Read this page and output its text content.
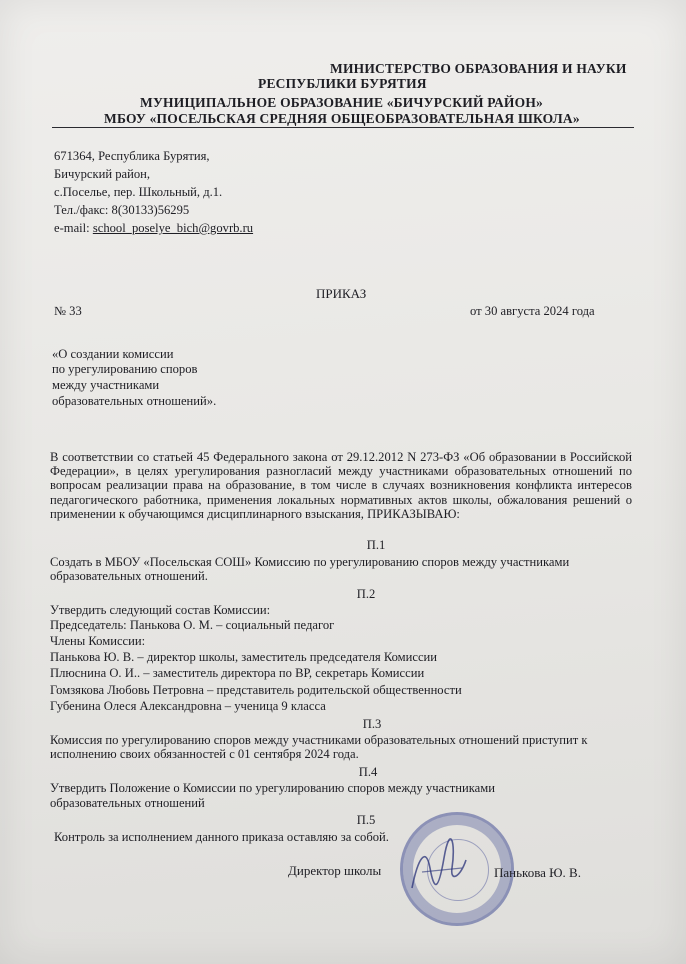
МИНИСТЕРСТВО ОБРАЗОВАНИЯ И НАУКИ
РЕСПУБЛИКИ БУРЯТИЯ
МУНИЦИПАЛЬНОЕ ОБРАЗОВАНИЕ «БИЧУРСКИЙ РАЙОН»
МБОУ «ПОСЕЛЬСКАЯ СРЕДНЯЯ ОБЩЕОБРАЗОВАТЕЛЬНАЯ ШКОЛА»
671364, Республика Бурятия,
Бичурский район,
с.Поселье, пер. Школьный, д.1.
Тел./факс: 8(30133)56295
e-mail: school_poselye_bich@govrb.ru
ПРИКАЗ
№ 33	от 30 августа 2024 года
«О создании комиссии
по урегулированию споров
между участниками
образовательных отношений».
В соответствии со статьей 45 Федерального закона от 29.12.2012 N 273-ФЗ «Об образовании в Российской Федерации», в целях урегулирования разногласий между участниками образовательных отношений по вопросам реализации права на образование, в том числе в случаях возникновения конфликта интересов педагогического работника, применения локальных нормативных актов школы, обжалования решений о применении к обучающимся дисциплинарного взыскания, ПРИКАЗЫВАЮ:
П.1
Создать в МБОУ «Посельская СОШ» Комиссию по урегулированию споров между участниками образовательных отношений.
П.2
Утвердить следующий состав Комиссии:
Председатель: Панькова О. М. – социальный педагог
Члены Комиссии:
Панькова Ю. В. – директор школы, заместитель председателя Комиссии
Плюснина О. И.. – заместитель директора по ВР, секретарь Комиссии
Гомзякова Любовь Петровна – представитель родительской общественности
Губенина Олеся Александровна – ученица 9 класса
П.3
Комиссия по урегулированию споров между участниками образовательных отношений приступит к исполнению своих обязанностей с 01 сентября 2024 года.
П.4
Утвердить Положение о Комиссии по урегулированию споров между участниками
образовательных отношений
П.5
Контроль за исполнением данного приказа оставляю за собой.
Директор школы	Панькова Ю. В.
